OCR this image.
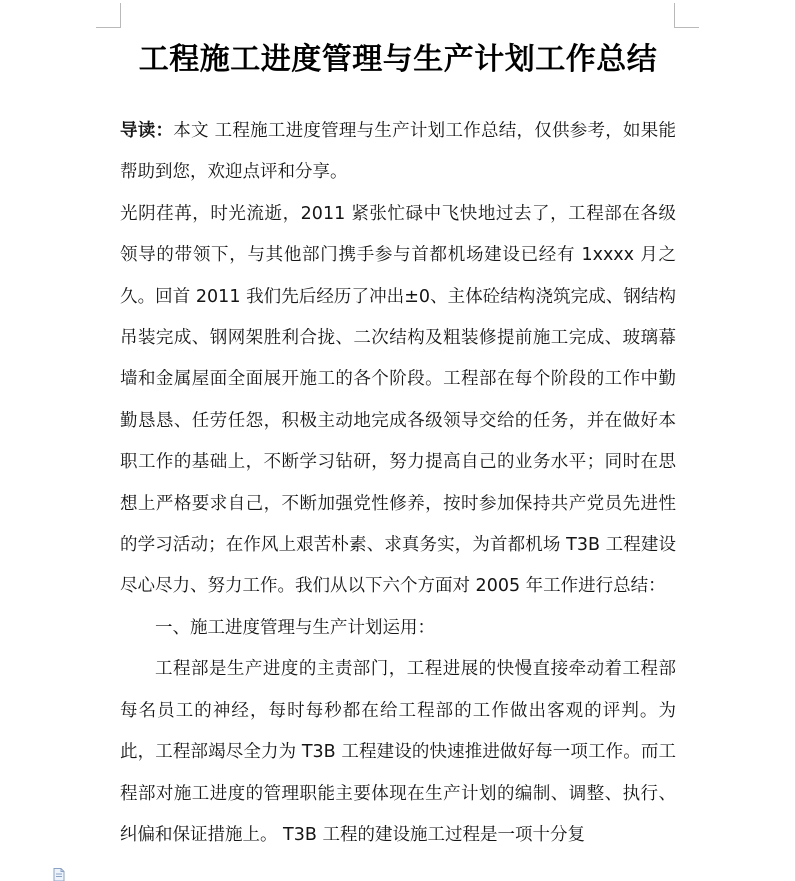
工程施工进度管理与生产计划工作总结

导读：本文 工程施工进度管理与生产计划工作总结，仅供参考，如果能帮助到您，欢迎点评和分享。

光阴荏苒，时光流逝，2011 紧张忙碌中飞快地过去了，工程部在各级领导的带领下，与其他部门携手参与首都机场建设已经有 1xxxx 月之久。回首 2011 我们先后经历了冲出±0、主体砼结构浇筑完成、钢结构吊装完成、钢网架胜利合拢、二次结构及粗装修提前施工完成、玻璃幕墙和金属屋面全面展开施工的各个阶段。工程部在每个阶段的工作中勤勤恳恳、任劳任怨，积极主动地完成各级领导交给的任务，并在做好本职工作的基础上，不断学习钻研，努力提高自己的业务水平；同时在思想上严格要求自己，不断加强党性修养，按时参加保持共产党员先进性的学习活动；在作风上艰苦朴素、求真务实，为首都机场 T3B 工程建设尽心尽力、努力工作。我们从以下六个方面对 2005 年工作进行总结：

一、施工进度管理与生产计划运用：

工程部是生产进度的主责部门，工程进展的快慢直接牵动着工程部每名员工的神经，每时每秒都在给工程部的工作做出客观的评判。为此，工程部竭尽全力为 T3B 工程建设的快速推进做好每一项工作。而工程部对施工进度的管理职能主要体现在生产计划的编制、调整、执行、纠偏和保证措施上。 T3B 工程的建设施工过程是一项十分复
